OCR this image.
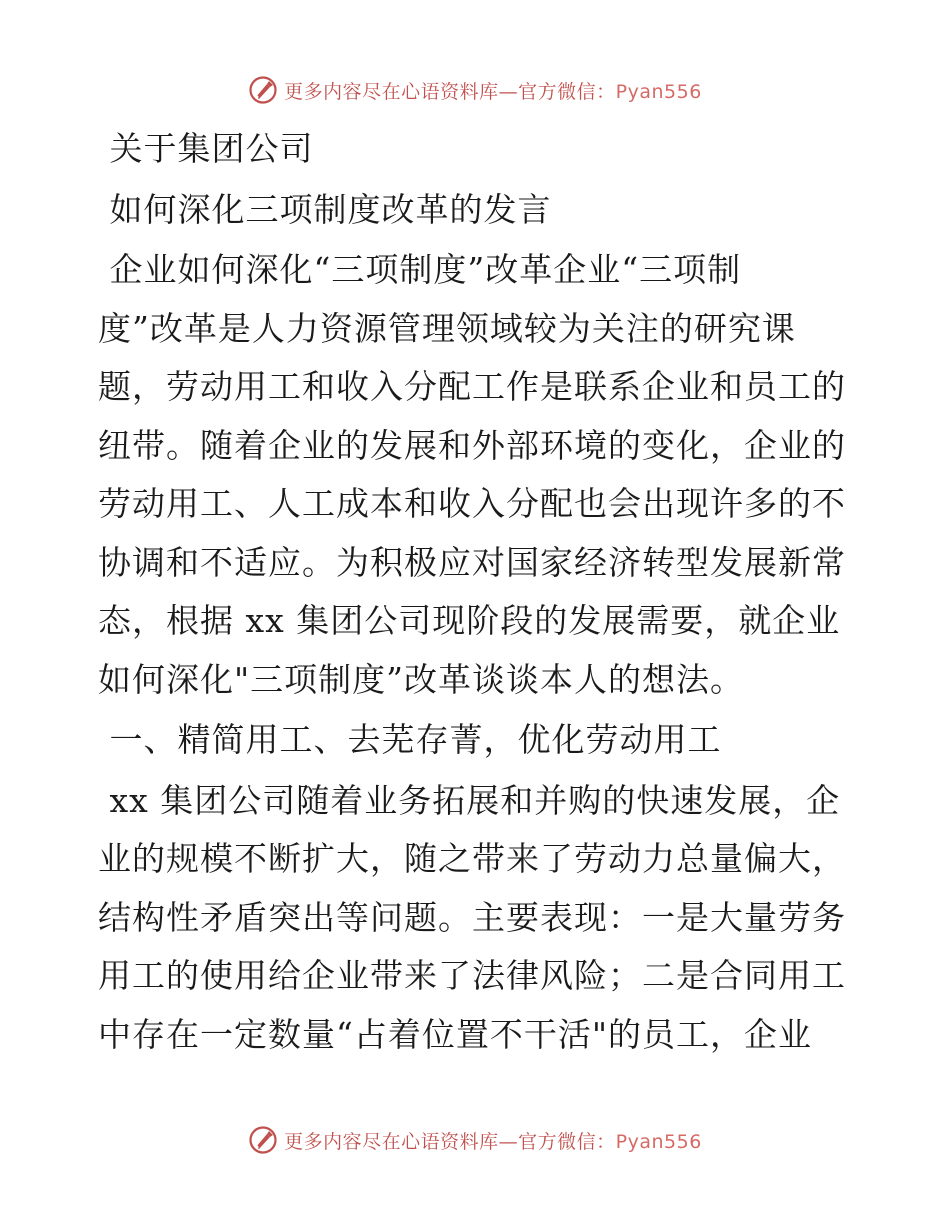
更多内容尽在心语资料库—官方微信：Pyan556

关于集团公司

如何深化三项制度改革的发言

企业如何深化“三项制度”改革企业“三项制
度”改革是人力资源管理领域较为关注的研究课
题，劳动用工和收入分配工作是联系企业和员工的
纽带。随着企业的发展和外部环境的变化，企业的
劳动用工、人工成本和收入分配也会出现许多的不
协调和不适应。为积极应对国家经济转型发展新常
态，根据 xx 集团公司现阶段的发展需要，就企业
如何深化"三项制度”改革谈谈本人的想法。

一、精简用工、去芜存菁，优化劳动用工

xx 集团公司随着业务拓展和并购的快速发展，企
业的规模不断扩大，随之带来了劳动力总量偏大，
结构性矛盾突出等问题。主要表现：一是大量劳务
用工的使用给企业带来了法律风险；二是合同用工
中存在一定数量“占着位置不干活"的员工，企业

更多内容尽在心语资料库—官方微信：Pyan556
